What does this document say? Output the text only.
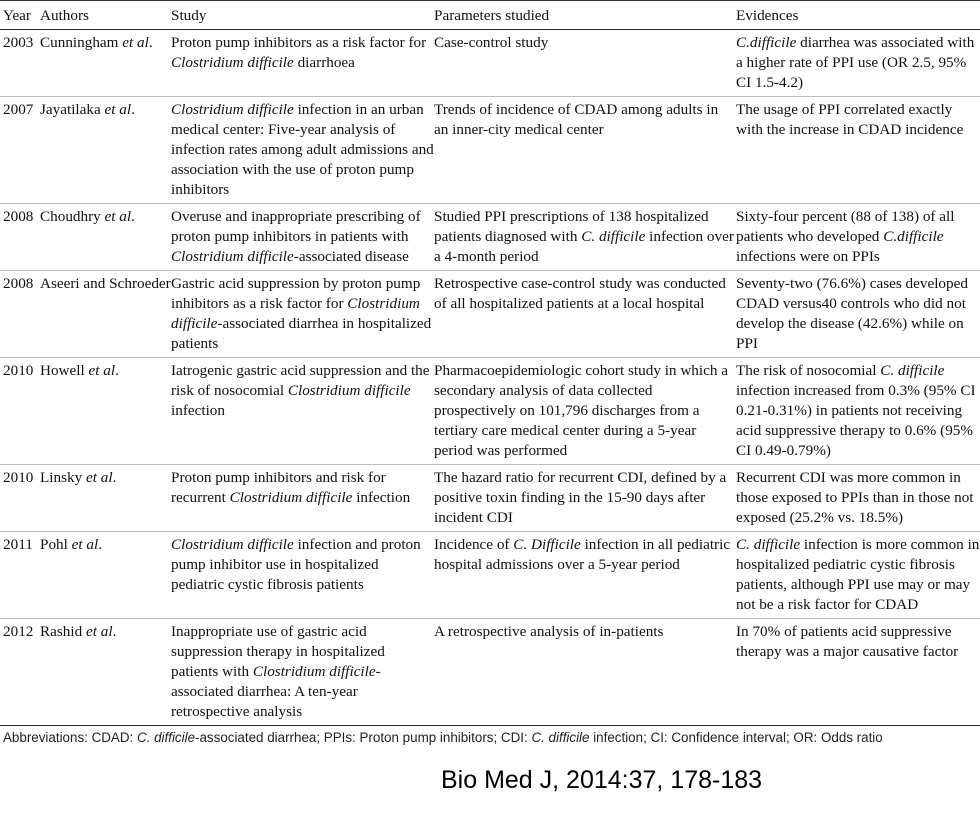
Year	Authors	Study	Parameters studied	Evidences
2003	Cunningham et al.	Proton pump inhibitors as a risk factor for Clostridium difficile diarrhoea	Case-control study	C.difficile diarrhea was associated with a higher rate of PPI use (OR 2.5, 95% CI 1.5-4.2)
2007	Jayatilaka et al.	Clostridium difficile infection in an urban medical center: Five-year analysis of infection rates among adult admissions and association with the use of proton pump inhibitors	Trends of incidence of CDAD among adults in an inner-city medical center	The usage of PPI correlated exactly with the increase in CDAD incidence
2008	Choudhry et al.	Overuse and inappropriate prescribing of proton pump inhibitors in patients with Clostridium difficile-associated disease	Studied PPI prescriptions of 138 hospitalized patients diagnosed with C. difficile infection over a 4-month period	Sixty-four percent (88 of 138) of all patients who developed C.difficile infections were on PPIs
2008	Aseeri and Schroeder	Gastric acid suppression by proton pump inhibitors as a risk factor for Clostridium difficile-associated diarrhea in hospitalized patients	Retrospective case-control study was conducted of all hospitalized patients at a local hospital	Seventy-two (76.6%) cases developed CDAD versus40 controls who did not develop the disease (42.6%) while on PPI
2010	Howell et al.	Iatrogenic gastric acid suppression and the risk of nosocomial Clostridium difficile infection	Pharmacoepidemiologic cohort study in which a secondary analysis of data collected prospectively on 101,796 discharges from a tertiary care medical center during a 5-year period was performed	The risk of nosocomial C. difficile infection increased from 0.3% (95% CI 0.21-0.31%) in patients not receiving acid suppressive therapy to 0.6% (95% CI 0.49-0.79%)
2010	Linsky et al.	Proton pump inhibitors and risk for recurrent Clostridium difficile infection	The hazard ratio for recurrent CDI, defined by a positive toxin finding in the 15-90 days after incident CDI	Recurrent CDI was more common in those exposed to PPIs than in those not exposed (25.2% vs. 18.5%)
2011	Pohl et al.	Clostridium difficile infection and proton pump inhibitor use in hospitalized pediatric cystic fibrosis patients	Incidence of C. Difficile infection in all pediatric hospital admissions over a 5-year period	C. difficile infection is more common in hospitalized pediatric cystic fibrosis patients, although PPI use may or may not be a risk factor for CDAD
2012	Rashid et al.	Inappropriate use of gastric acid suppression therapy in hospitalized patients with Clostridium difficile-associated diarrhea: A ten-year retrospective analysis	A retrospective analysis of in-patients	In 70% of patients acid suppressive therapy was a major causative factor
Abbreviations: CDAD: C. difficile-associated diarrhea; PPIs: Proton pump inhibitors; CDI: C. difficile infection; CI: Confidence interval; OR: Odds ratio
Bio Med J, 2014:37, 178-183
